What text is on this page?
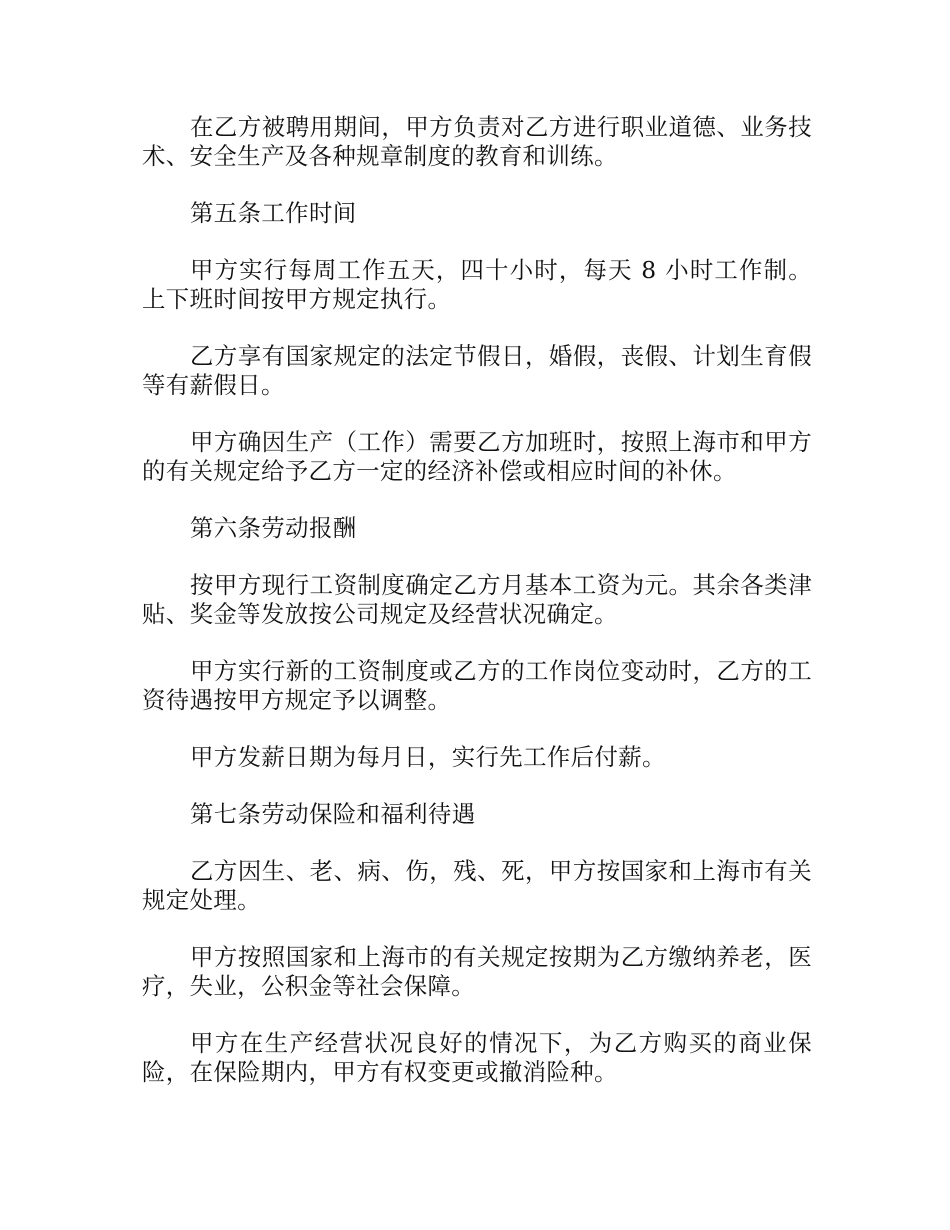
在乙方被聘用期间，甲方负责对乙方进行职业道德、业务技术、安全生产及各种规章制度的教育和训练。

第五条工作时间

甲方实行每周工作五天，四十小时，每天 8 小时工作制。上下班时间按甲方规定执行。

乙方享有国家规定的法定节假日，婚假，丧假、计划生育假等有薪假日。

甲方确因生产（工作）需要乙方加班时，按照上海市和甲方的有关规定给予乙方一定的经济补偿或相应时间的补休。

第六条劳动报酬

按甲方现行工资制度确定乙方月基本工资为元。其余各类津贴、奖金等发放按公司规定及经营状况确定。

甲方实行新的工资制度或乙方的工作岗位变动时，乙方的工资待遇按甲方规定予以调整。

甲方发薪日期为每月日，实行先工作后付薪。

第七条劳动保险和福利待遇

乙方因生、老、病、伤，残、死，甲方按国家和上海市有关规定处理。

甲方按照国家和上海市的有关规定按期为乙方缴纳养老，医疗，失业，公积金等社会保障。

甲方在生产经营状况良好的情况下，为乙方购买的商业保险，在保险期内，甲方有权变更或撤消险种。
